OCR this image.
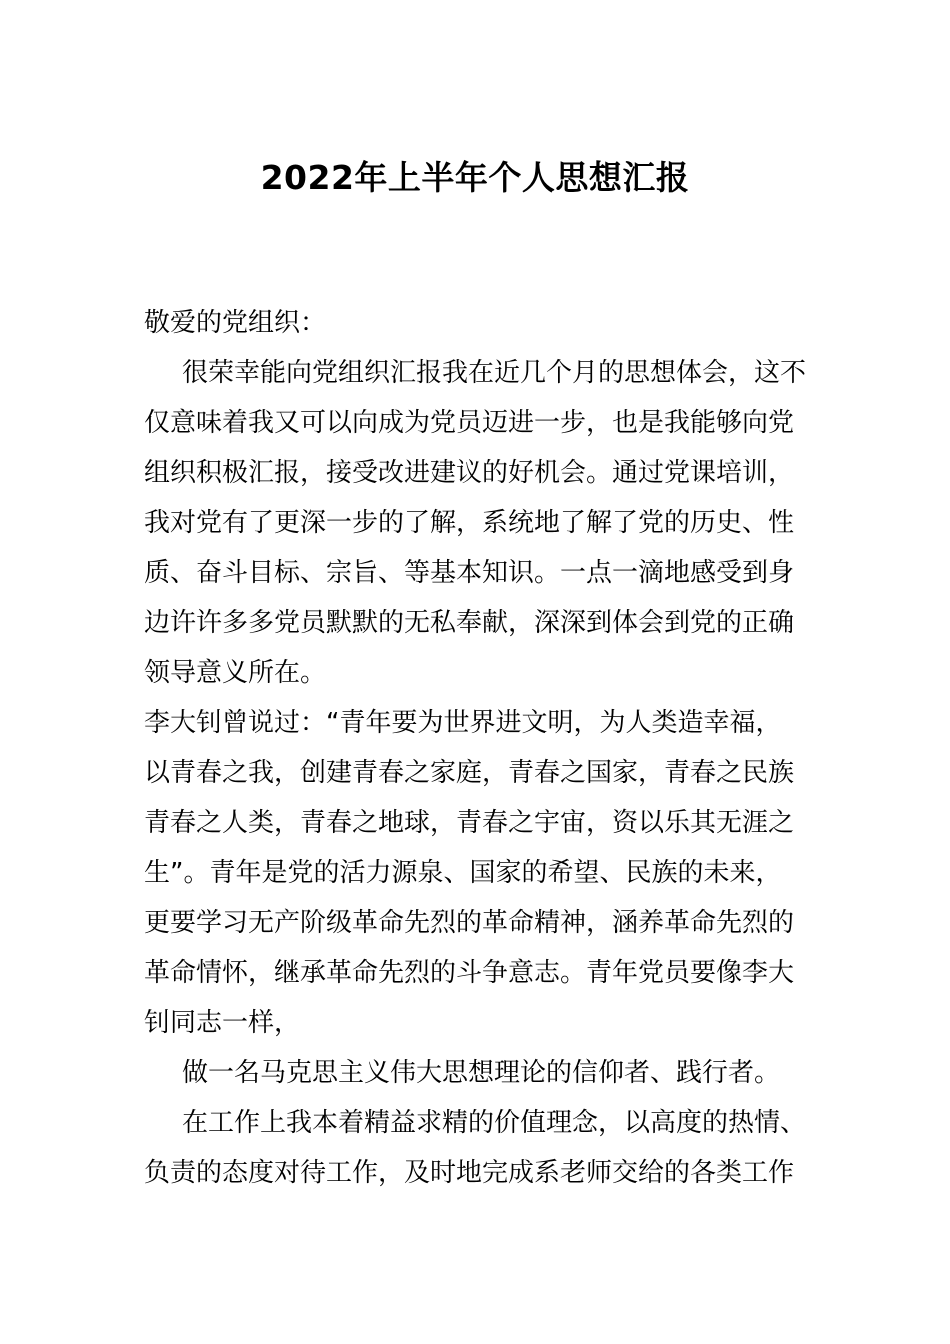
2022年上半年个人思想汇报
敬爱的党组织：
很荣幸能向党组织汇报我在近几个月的思想体会，这不
仅意味着我又可以向成为党员迈进一步，也是我能够向党
组织积极汇报，接受改进建议的好机会。通过党课培训，
我对党有了更深一步的了解，系统地了解了党的历史、性
质、奋斗目标、宗旨、等基本知识。一点一滴地感受到身
边许许多多党员默默的无私奉献，深深到体会到党的正确
领导意义所在。
李大钊曾说过：“青年要为世界进文明，为人类造幸福，
以青春之我，创建青春之家庭，青春之国家，青春之民族
青春之人类，青春之地球，青春之宇宙，资以乐其无涯之
生”。青年是党的活力源泉、国家的希望、民族的未来，
更要学习无产阶级革命先烈的革命精神，涵养革命先烈的
革命情怀，继承革命先烈的斗争意志。青年党员要像李大
钊同志一样，
做一名马克思主义伟大思想理论的信仰者、践行者。
在工作上我本着精益求精的价值理念，以高度的热情、
负责的态度对待工作，及时地完成系老师交给的各类工作
